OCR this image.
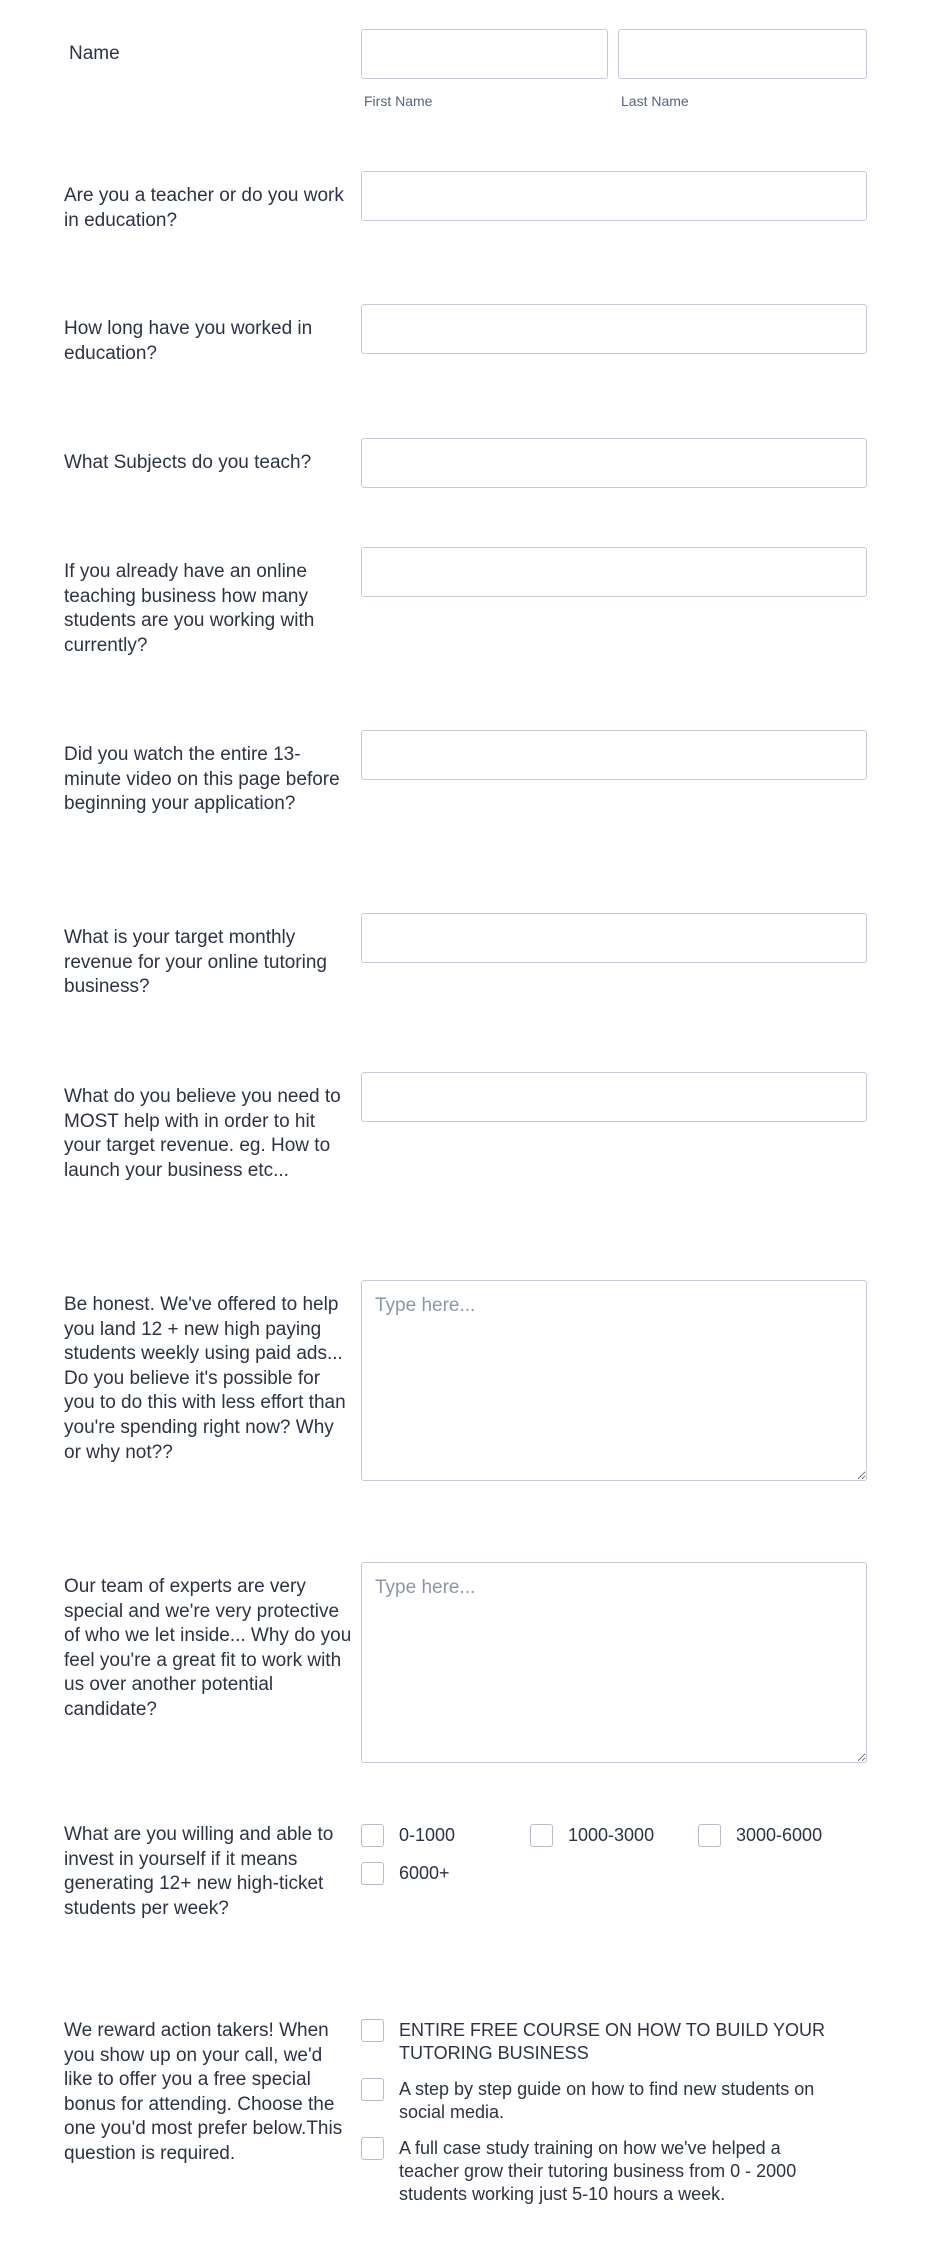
Name
First Name	Last Name
Are you a teacher or do you work in education?
How long have you worked in education?
What Subjects do you teach?
If you already have an online teaching business how many students are you working with currently?
Did you watch the entire 13-minute video on this page before beginning your application?
What is your target monthly revenue for your online tutoring business?
What do you believe you need to MOST help with in order to hit your target revenue. eg. How to launch your business etc...
Be honest. We've offered to help you land 12 + new high paying students weekly using paid ads... Do you believe it's possible for you to do this with less effort than you're spending right now? Why or why not??
Type here...
Our team of experts are very special and we're very protective of who we let inside... Why do you feel you're a great fit to work with us over another potential candidate?
Type here...
What are you willing and able to invest in yourself if it means generating 12+ new high-ticket students per week?
0-1000	1000-3000	3000-6000
6000+
We reward action takers! When you show up on your call, we'd like to offer you a free special bonus for attending. Choose the one you'd most prefer below.This question is required.
ENTIRE FREE COURSE ON HOW TO BUILD YOUR TUTORING BUSINESS
A step by step guide on how to find new students on social media.
A full case study training on how we've helped a teacher grow their tutoring business from 0 - 2000 students working just 5-10 hours a week.
